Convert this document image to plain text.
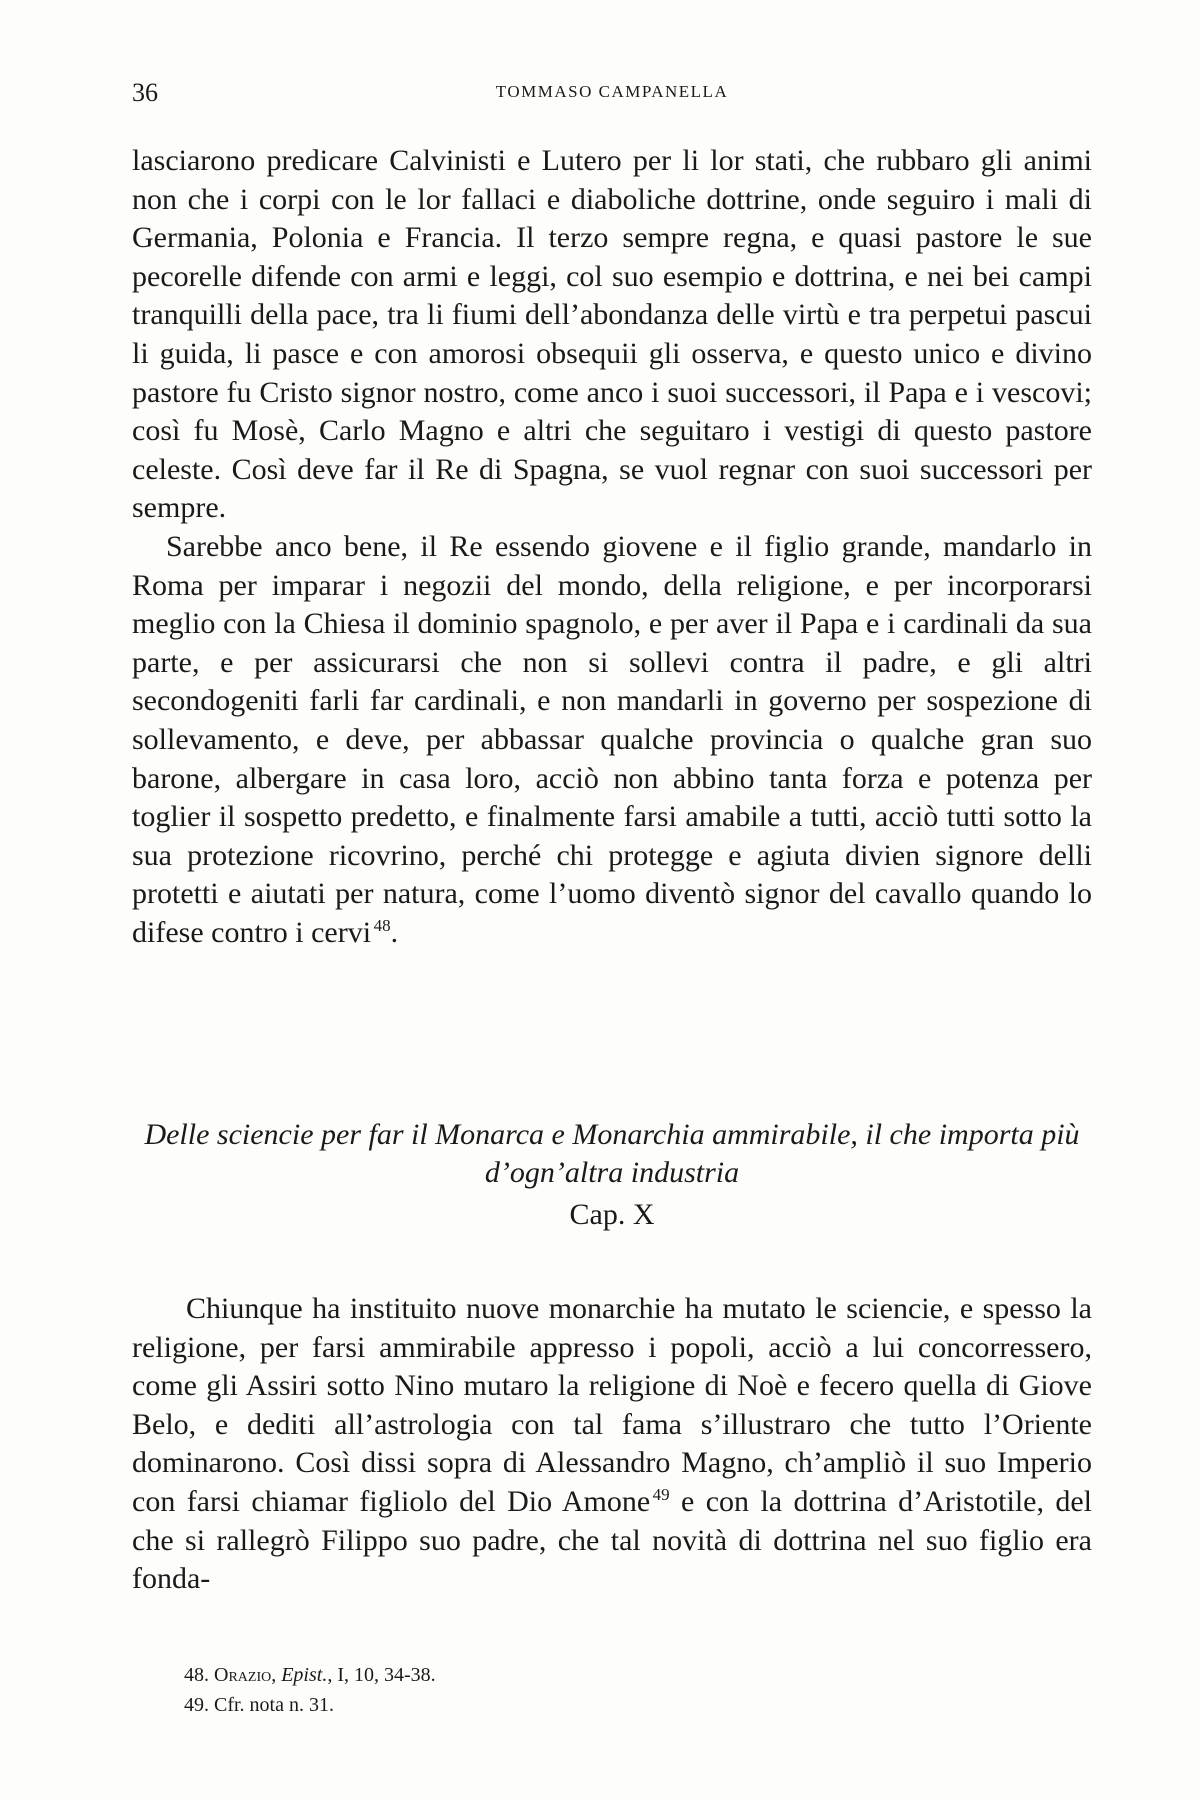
36	TOMMASO CAMPANELLA

lasciarono predicare Calvinisti e Lutero per li lor stati, che rubbaro gli animi non che i corpi con le lor fallaci e diaboliche dottrine, onde seguiro i mali di Germania, Polonia e Francia. Il terzo sempre regna, e quasi pastore le sue pecorelle difende con armi e leggi, col suo esempio e dottrina, e nei bei campi tranquilli della pace, tra li fiumi dell’abondanza delle virtù e tra perpetui pascui li guida, li pasce e con amorosi obsequii gli osserva, e questo unico e divino pastore fu Cristo signor nostro, come anco i suoi successori, il Papa e i vescovi; così fu Mosè, Carlo Magno e altri che seguitaro i vestigi di questo pastore celeste. Così deve far il Re di Spagna, se vuol regnar con suoi successori per sempre.

Sarebbe anco bene, il Re essendo giovene e il figlio grande, mandarlo in Roma per imparar i negozii del mondo, della religione, e per incorporarsi meglio con la Chiesa il dominio spagnolo, e per aver il Papa e i cardinali da sua parte, e per assicurarsi che non si sollevi contra il padre, e gli altri secondogeniti farli far cardinali, e non mandarli in governo per sospezione di sollevamento, e deve, per abbassar qualche provincia o qualche gran suo barone, albergare in casa loro, acciò non abbino tanta forza e potenza per toglier il sospetto predetto, e finalmente farsi amabile a tutti, acciò tutti sotto la sua protezione ricovrino, perché chi protegge e agiuta divien signore delli protetti e aiutati per natura, come l’uomo diventò signor del cavallo quando lo difese contro i cervi  $^{48}$.

Delle sciencie per far il Monarca e Monarchia ammirabile, il che importa più d’ogn’altra industria
Cap. X

Chiunque ha instituito nuove monarchie ha mutato le sciencie, e spesso la religione, per farsi ammirabile appresso i popoli, acciò a lui concorressero, come gli Assiri sotto Nino mutaro la religione di Noè e fecero quella di Giove Belo, e dediti all’astrologia con tal fama s’illustraro che tutto l’Oriente dominarono. Così dissi sopra di Alessandro Magno, ch’ampliò il suo Imperio con farsi chiamar figliolo del Dio Amone  $^{49}$ e con la dottrina d’Aristotile, del che si rallegrò Filippo suo padre, che tal novità di dottrina nel suo figlio era fonda-

48. Orazio, Epist., I, 10, 34-38.

49. Cfr. nota n. 31.
